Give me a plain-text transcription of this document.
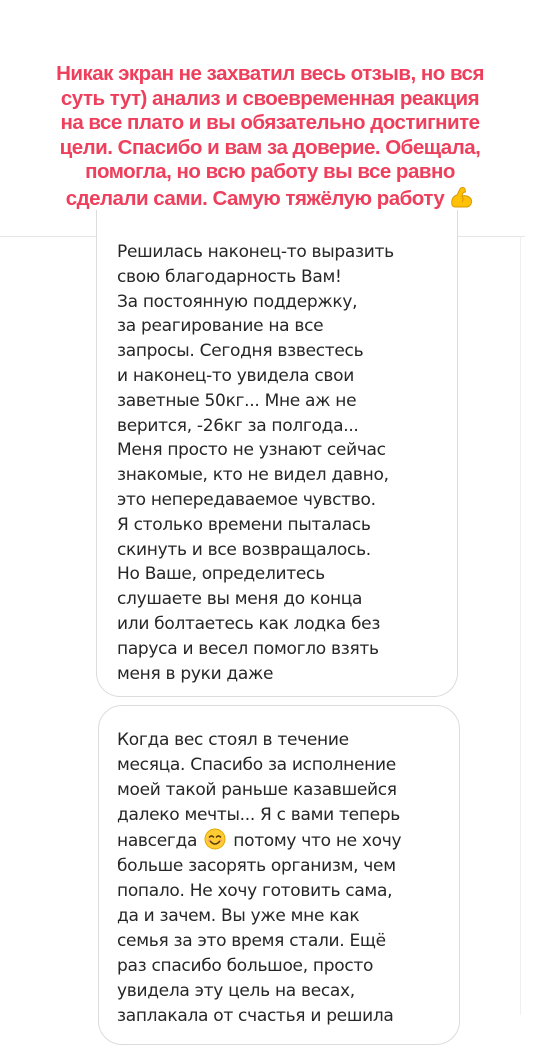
Решилась наконец-то выразить
свою благодарность Вам!
За постоянную поддержку,
за реагирование на все
запросы. Сегодня взвестесь
и наконец-то увидела свои
заветные 50кг... Мне аж не
верится, -26кг за полгода...
Меня просто не узнают сейчас
знакомые, кто не видел давно,
это непередаваемое чувство.
Я столько времени пыталась
скинуть и все возвращалось.
Но Ваше, определитесь
слушаете вы меня до конца
или болтаетесь как лодка без
паруса и весел помогло взять
меня в руки даже
Когда вес стоял в течение
месяца. Спасибо за исполнение
моей такой раньше казавшейся
далеко мечты... Я с вами теперь
навсегда потому что не хочу
больше засорять организм, чем
попало. Не хочу готовить сама,
да и зачем. Вы уже мне как
семья за это время стали. Ещё
раз спасибо большое, просто
увидела эту цель на весах,
заплакала от счастья и решила
Никак экран не захватил весь отзыв, но вся
суть тут) анализ и своевременная реакция
на все плато и вы обязательно достигните
цели. Спасибо и вам за доверие. Обещала,
помогла, но всю работу вы все равно
сделали сами. Самую тяжёлую работу
